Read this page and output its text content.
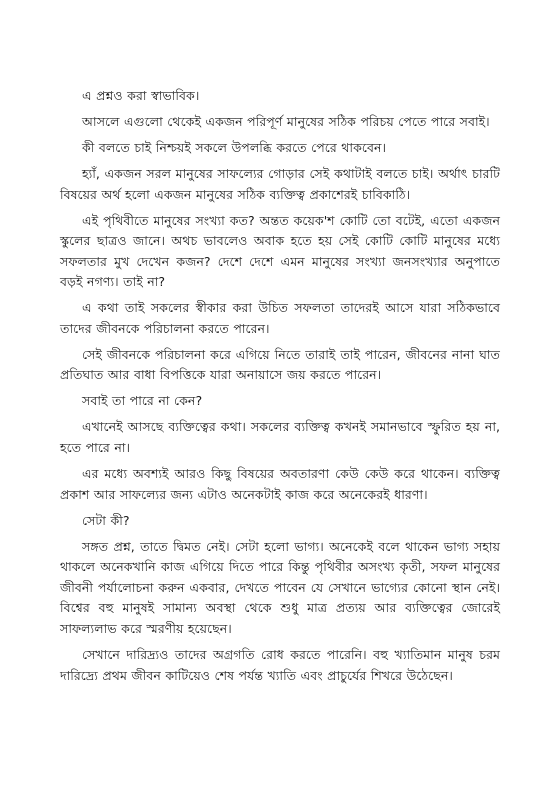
এ প্রশ্নও করা স্বাভাবিক।

আসলে এগুলো থেকেই একজন পরিপূর্ণ মানুষের সঠিক পরিচয় পেতে পারে সবাই।

কী বলতে চাই নিশ্চয়ই সকলে উপলব্ধি করতে পেরে থাকবেন।

হ্যাঁ, একজন সরল মানুষের সাফল্যের গোড়ার সেই কথাটাই বলতে চাই। অর্থাৎ চারটি বিষয়ের অর্থ হলো একজন মানুষের সঠিক ব্যক্তিত্ব প্রকাশেরই চাবিকাঠি।

এই পৃথিবীতে মানুষের সংখ্যা কত? অন্তত কয়েক'শ কোটি তো বটেই, এতো একজন স্কুলের ছাত্রও জানে। অথচ ভাবলেও অবাক হতে হয় সেই কোটি কোটি মানুষের মধ্যে সফলতার মুখ দেখেন কজন? দেশে দেশে এমন মানুষের সংখ্যা জনসংখ্যার অনুপাতে বড়ই নগণ্য। তাই না?

এ কথা তাই সকলের স্বীকার করা উচিত সফলতা তাদেরই আসে যারা সঠিকভাবে তাদের জীবনকে পরিচালনা করতে পারেন।

সেই জীবনকে পরিচালনা করে এগিয়ে নিতে তারাই তাই পারেন, জীবনের নানা ঘাত প্রতিঘাত আর বাধা বিপত্তিকে যারা অনায়াসে জয় করতে পারেন।

সবাই তা পারে না কেন?

এখানেই আসছে ব্যক্তিত্বের কথা। সকলের ব্যক্তিত্ব কখনই সমানভাবে স্ফুরিত হয় না, হতে পারে না।

এর মধ্যে অবশ্যই আরও কিছু বিষয়ের অবতারণা কেউ কেউ করে থাকেন। ব্যক্তিত্ব প্রকাশ আর সাফল্যের জন্য এটাও অনেকটাই কাজ করে অনেকেরই ধারণা।

সেটা কী?

সঙ্গত প্রশ্ন, তাতে দ্বিমত নেই। সেটা হলো ভাগ্য। অনেকেই বলে থাকেন ভাগ্য সহায় থাকলে অনেকখানি কাজ এগিয়ে দিতে পারে কিন্তু পৃথিবীর অসংখ্য কৃতী, সফল মানুষের জীবনী পর্যালোচনা করুন একবার, দেখতে পাবেন যে সেখানে ভাগ্যের কোনো স্থান নেই। বিশ্বের বহু মানুষই সামান্য অবস্থা থেকে শুধু মাত্র প্রত্যয় আর ব্যক্তিত্বের জোরেই সাফল্যলাভ করে স্মরণীয় হয়েছেন।

সেখানে দারিদ্র্যও তাদের অগ্রগতি রোধ করতে পারেনি। বহু খ্যাতিমান মানুষ চরম দারিদ্র্যে প্রথম জীবন কাটিয়েও শেষ পর্যন্ত খ্যাতি এবং প্রাচুর্যের শিখরে উঠেছেন।
